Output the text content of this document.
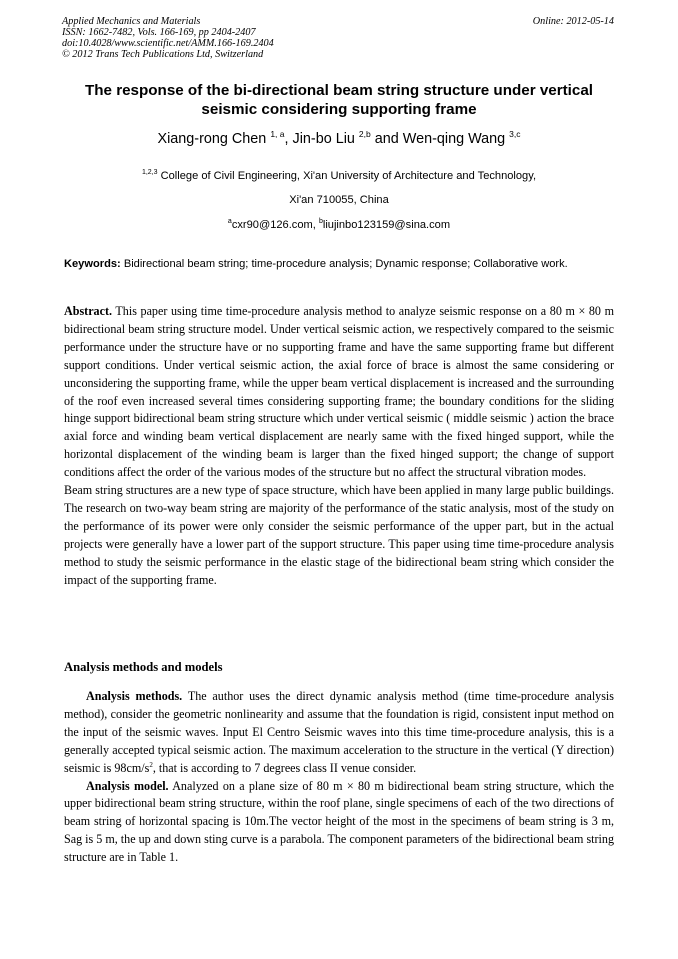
Applied Mechanics and Materials
ISSN: 1662-7482, Vols. 166-169, pp 2404-2407
doi:10.4028/www.scientific.net/AMM.166-169.2404
© 2012 Trans Tech Publications Ltd, Switzerland
Online: 2012-05-14
The response of the bi-directional beam string structure under vertical seismic considering supporting frame
Xiang-rong Chen $^{1, a}$, Jin-bo Liu $^{2,b}$ and Wen-qing Wang $^{3,c}$
$^{1,2,3}$ College of Civil Engineering, Xi'an University of Architecture and Technology,
Xi'an 710055, China
$^a$cxr90@126.com, $^b$liujinbo123159@sina.com
Keywords: Bidirectional beam string; time-procedure analysis; Dynamic response; Collaborative work.

Abstract. This paper using time time-procedure analysis method to analyze seismic response on a 80 m × 80 m bidirectional beam string structure model. Under vertical seismic action, we respectively compared to the seismic performance under the structure have or no supporting frame and have the same supporting frame but different support conditions. Under vertical seismic action, the axial force of brace is almost the same considering or unconsidering the supporting frame, while the upper beam vertical displacement is increased and the surrounding of the roof even increased several times considering supporting frame; the boundary conditions for the sliding hinge support bidirectional beam string structure which under vertical seismic ( middle seismic ) action the brace axial force and winding beam vertical displacement are nearly same with the fixed hinged support, while the horizontal displacement of the winding beam is larger than the fixed hinged support; the change of support conditions affect the order of the various modes of the structure but no affect the structural vibration modes.

Beam string structures are a new type of space structure, which have been applied in many large public buildings. The research on two-way beam string are majority of the performance of the static analysis, most of the study on the performance of its power were only consider the seismic performance of the upper part, but in the actual projects were generally have a lower part of the support structure. This paper using time time-procedure analysis method to study the seismic performance in the elastic stage of the bidirectional beam string which consider the impact of the supporting frame.

Analysis methods and models

Analysis methods. The author uses the direct dynamic analysis method (time time-procedure analysis method), consider the geometric nonlinearity and assume that the foundation is rigid, consistent input method on the input of the seismic waves. Input El Centro Seismic waves into this time time-procedure analysis, this is a generally accepted typical seismic action. The maximum acceleration to the structure in the vertical (Y direction) seismic is $98cm/s^2$, that is according to 7 degrees class II venue consider.

Analysis model. Analyzed on a plane size of 80 m × 80 m bidirectional beam string structure, which the upper bidirectional beam string structure, within the roof plane, single specimens of each of the two directions of beam string of horizontal spacing is 10m.The vector height of the most in the specimens of beam string is 3 m, Sag is 5 m, the up and down sting curve is a parabola. The component parameters of the bidirectional beam string structure are in Table 1.
